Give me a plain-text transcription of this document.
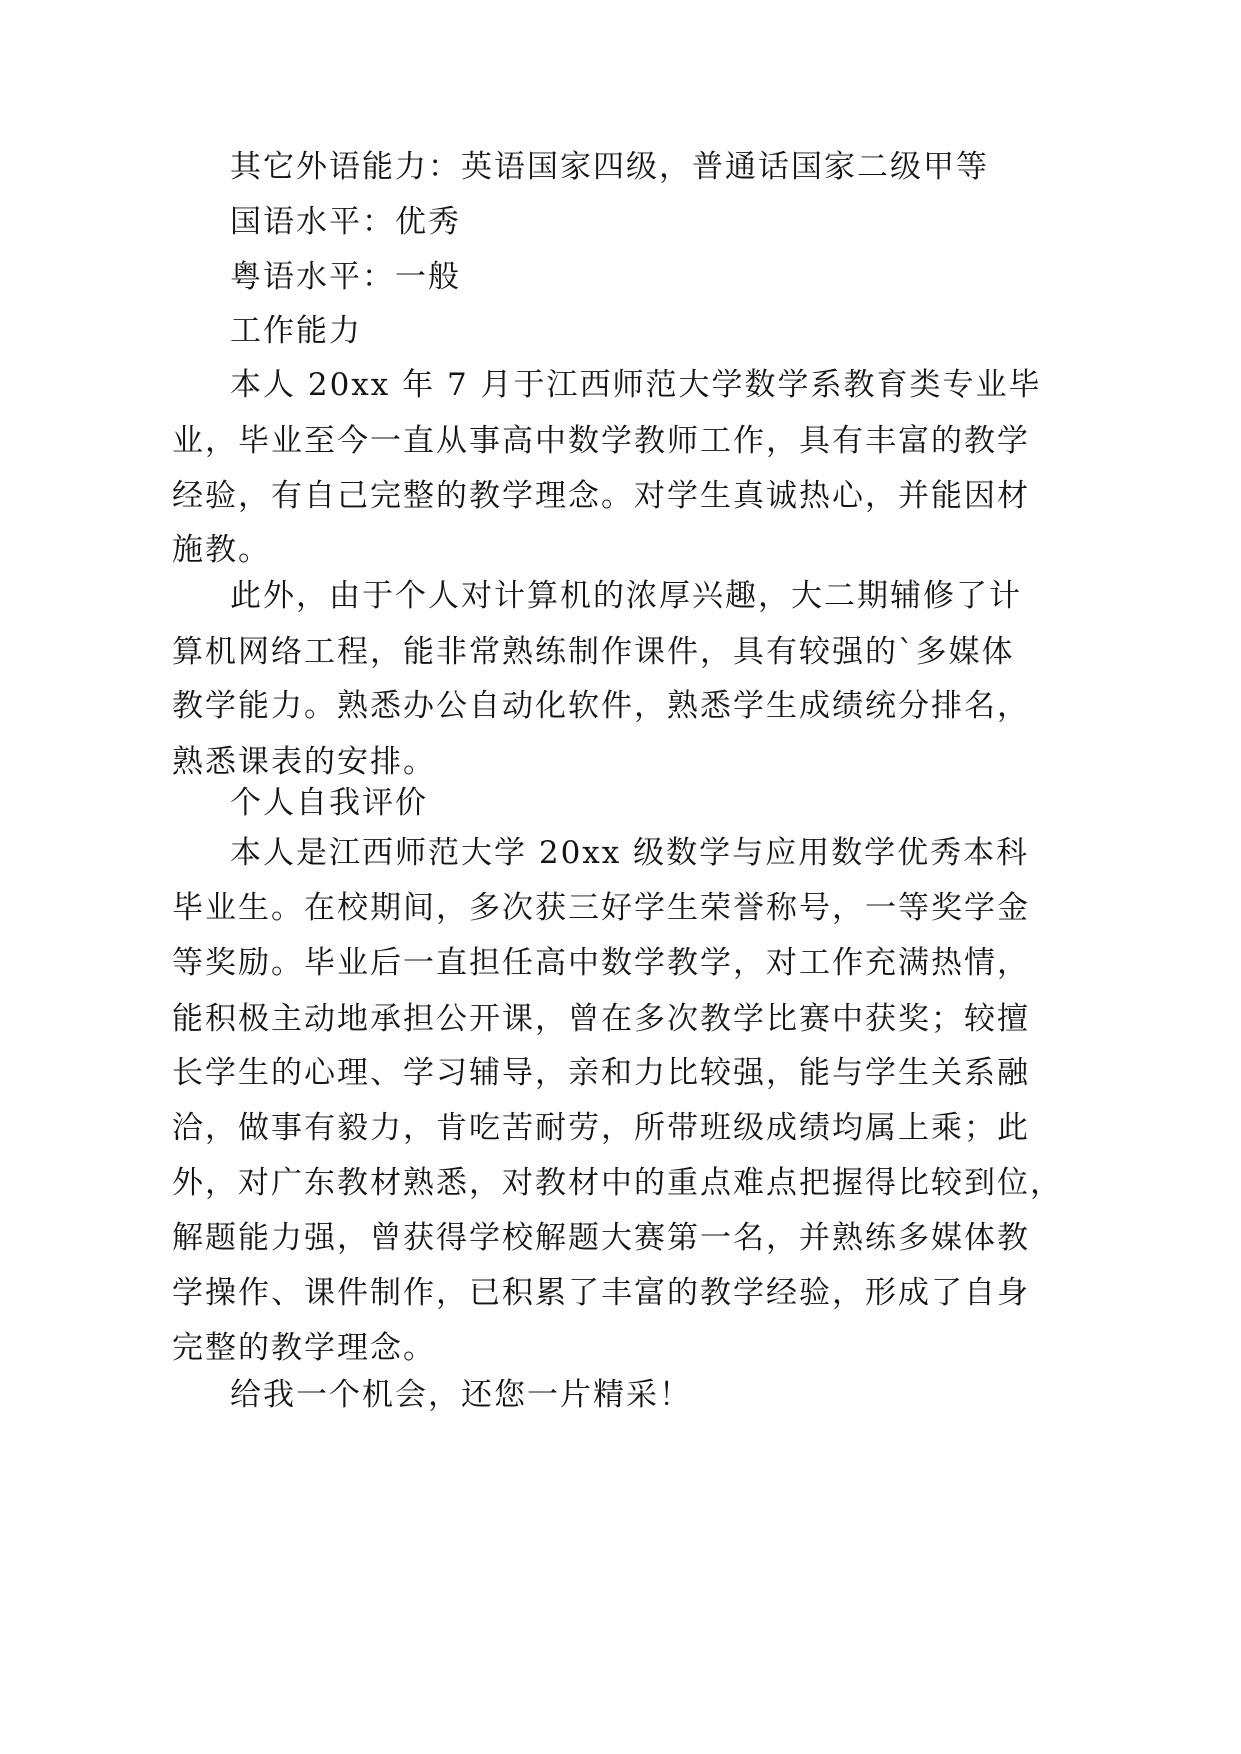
其它外语能力：英语国家四级，普通话国家二级甲等

国语水平：优秀

粤语水平：一般

工作能力

本人 20xx 年 7 月于江西师范大学数学系教育类专业毕

业，毕业至今一直从事高中数学教师工作，具有丰富的教学

经验，有自己完整的教学理念。对学生真诚热心，并能因材

施教。

此外，由于个人对计算机的浓厚兴趣，大二期辅修了计

算机网络工程，能非常熟练制作课件，具有较强的`多媒体

教学能力。熟悉办公自动化软件，熟悉学生成绩统分排名，

熟悉课表的安排。

个人自我评价

本人是江西师范大学 20xx 级数学与应用数学优秀本科

毕业生。在校期间，多次获三好学生荣誉称号，一等奖学金

等奖励。毕业后一直担任高中数学教学，对工作充满热情，

能积极主动地承担公开课，曾在多次教学比赛中获奖；较擅

长学生的心理、学习辅导，亲和力比较强，能与学生关系融

洽，做事有毅力，肯吃苦耐劳，所带班级成绩均属上乘；此

外，对广东教材熟悉，对教材中的重点难点把握得比较到位，

解题能力强，曾获得学校解题大赛第一名，并熟练多媒体教

学操作、课件制作，已积累了丰富的教学经验，形成了自身

完整的教学理念。

给我一个机会，还您一片精采！
